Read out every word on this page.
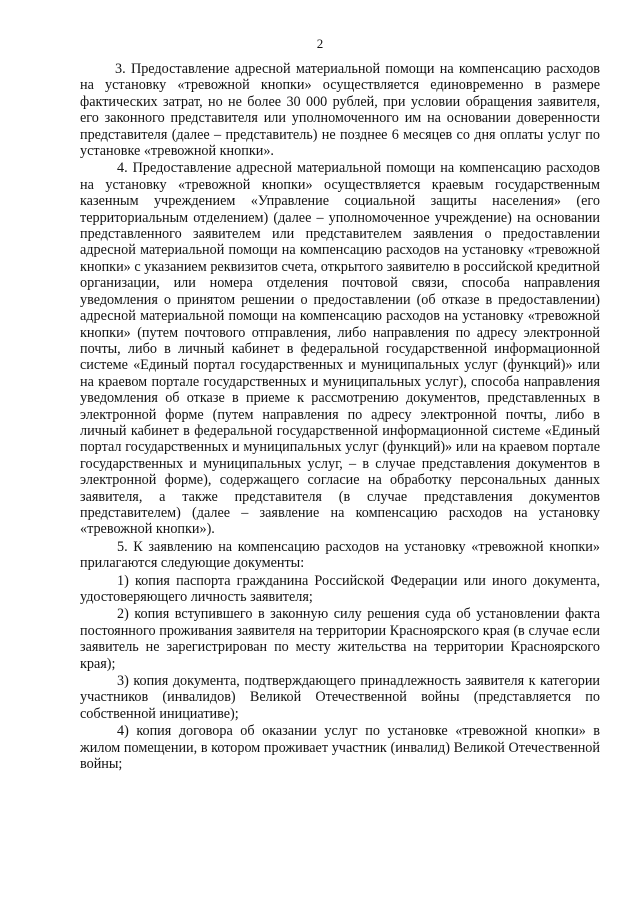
2

3. Предоставление адресной материальной помощи на компенсацию расходов на установку «тревожной кнопки» осуществляется единовременно в размере фактических затрат, но не более 30 000 рублей, при условии обращения заявителя, его законного представителя или уполномоченного им на основании доверенности представителя (далее – представитель) не позднее 6 месяцев со дня оплаты услуг по установке «тревожной кнопки».

4. Предоставление адресной материальной помощи на компенсацию расходов на установку «тревожной кнопки» осуществляется краевым государственным казенным учреждением «Управление социальной защиты населения» (его территориальным отделением) (далее – уполномоченное учреждение) на основании представленного заявителем или представителем заявления о предоставлении адресной материальной помощи на компенсацию расходов на установку «тревожной кнопки» с указанием реквизитов счета, открытого заявителю в российской кредитной организации, или номера отделения почтовой связи, способа направления уведомления о принятом решении о предоставлении (об отказе в предоставлении) адресной материальной помощи на компенсацию расходов на установку «тревожной кнопки» (путем почтового отправления, либо направления по адресу электронной почты, либо в личный кабинет в федеральной государственной информационной системе «Единый портал государственных и муниципальных услуг (функций)» или на краевом портале государственных и муниципальных услуг), способа направления уведомления об отказе в приеме к рассмотрению документов, представленных в электронной форме (путем направления по адресу электронной почты, либо в личный кабинет в федеральной государственной информационной системе «Единый портал государственных и муниципальных услуг (функций)» или на краевом портале государственных и муниципальных услуг, – в случае представления документов в электронной форме), содержащего согласие на обработку персональных данных заявителя, а также представителя (в случае представления документов представителем) (далее – заявление на компенсацию расходов на установку «тревожной кнопки»).

5. К заявлению на компенсацию расходов на установку «тревожной кнопки» прилагаются следующие документы:

1) копия паспорта гражданина Российской Федерации или иного документа, удостоверяющего личность заявителя;

2) копия вступившего в законную силу решения суда об установлении факта постоянного проживания заявителя на территории Красноярского края (в случае если заявитель не зарегистрирован по месту жительства на территории Красноярского края);

3) копия документа, подтверждающего принадлежность заявителя к категории участников (инвалидов) Великой Отечественной войны (представляется по собственной инициативе);

4) копия договора об оказании услуг по установке «тревожной кнопки» в жилом помещении, в котором проживает участник (инвалид) Великой Отечественной войны;
